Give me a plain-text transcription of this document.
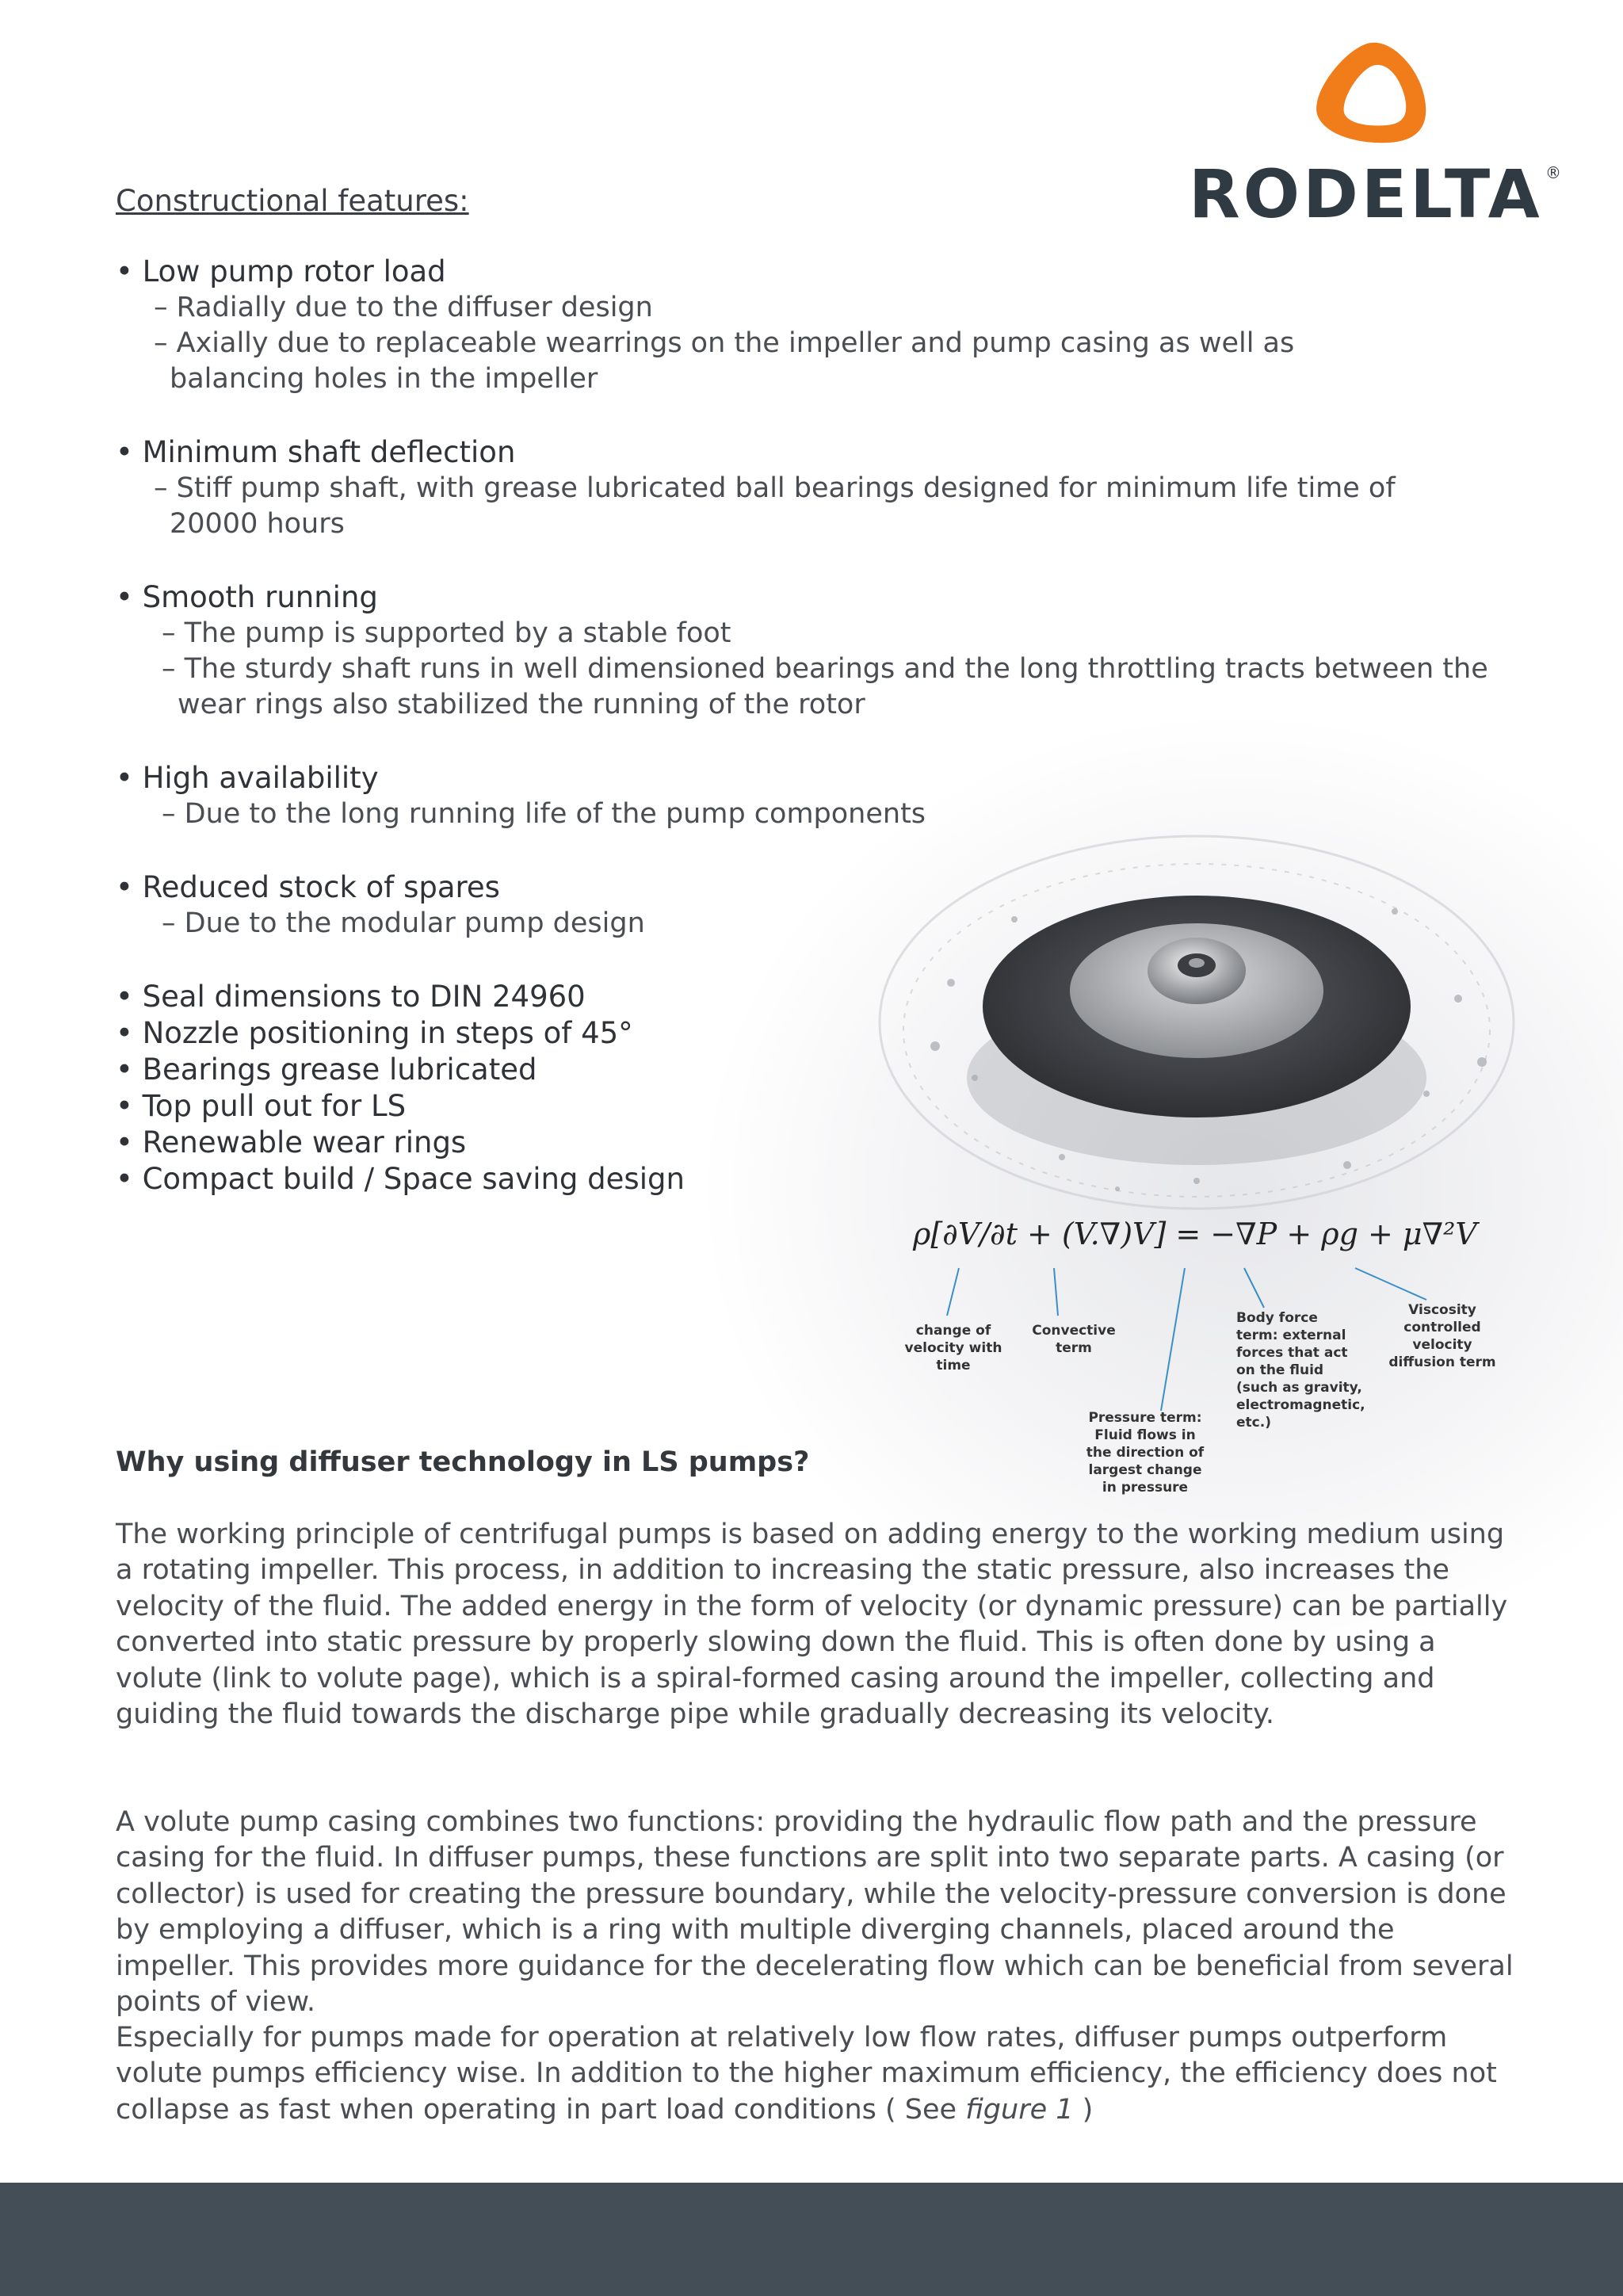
RODELTA ®
Constructional features:
• Low pump rotor load
– Radially due to the diffuser design
– Axially due to replaceable wearrings on the impeller and pump casing as well as balancing holes in the impeller
• Minimum shaft deflection
– Stiff pump shaft, with grease lubricated ball bearings designed for minimum life time of 20000 hours
• Smooth running
– The pump is supported by a stable foot
– The sturdy shaft runs in well dimensioned bearings and the long throttling tracts between the wear rings also stabilized the running of the rotor
• High availability
– Due to the long running life of the pump components
• Reduced stock of spares
– Due to the modular pump design
• Seal dimensions to DIN 24960
• Nozzle positioning in steps of 45°
• Bearings grease lubricated
• Top pull out for LS
• Renewable wear rings
• Compact build / Space saving design
ρ[∂V/∂t + (V.∇)V] = −∇P + ρg + μ∇²V
change of velocity with time
Convective term
Pressure term: Fluid flows in the direction of largest change in pressure
Body force term: external forces that act on the fluid (such as gravity, electromagnetic, etc.)
Viscosity controlled velocity diffusion term
Why using diffuser technology in LS pumps?
The working principle of centrifugal pumps is based on adding energy to the working medium using a rotating impeller. This process, in addition to increasing the static pressure, also increases the velocity of the fluid. The added energy in the form of velocity (or dynamic pressure) can be partially converted into static pressure by properly slowing down the fluid. This is often done by using a volute (link to volute page), which is a spiral-formed casing around the impeller, collecting and guiding the fluid towards the discharge pipe while gradually decreasing its velocity.
A volute pump casing combines two functions: providing the hydraulic flow path and the pressure casing for the fluid. In diffuser pumps, these functions are split into two separate parts. A casing (or collector) is used for creating the pressure boundary, while the velocity-pressure conversion is done by employing a diffuser, which is a ring with multiple diverging channels, placed around the impeller. This provides more guidance for the decelerating flow which can be beneficial from several points of view.
Especially for pumps made for operation at relatively low flow rates, diffuser pumps outperform volute pumps efficiency wise. In addition to the higher maximum efficiency, the efficiency does not collapse as fast when operating in part load conditions ( See figure 1 )
